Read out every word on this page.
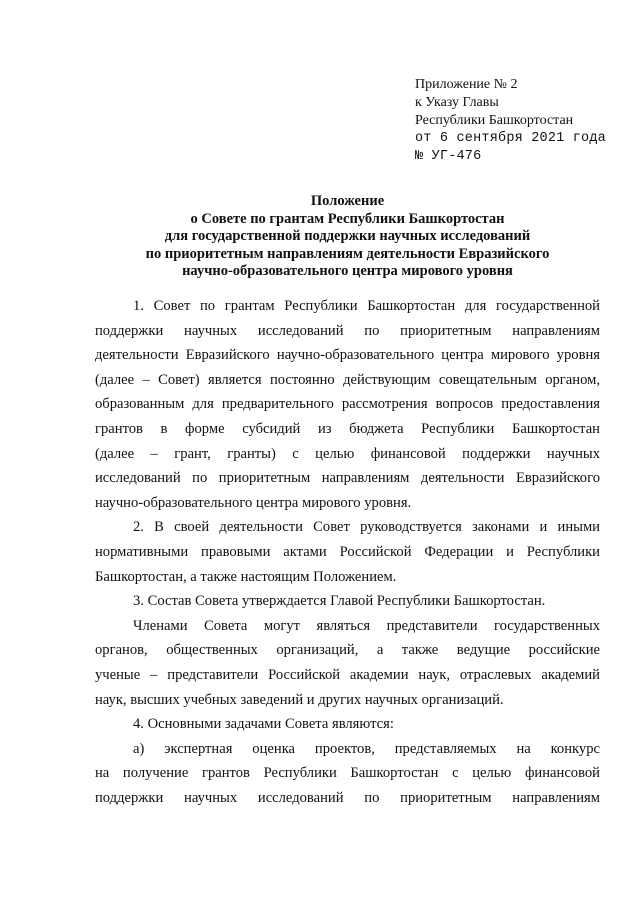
Приложение № 2
к Указу Главы
Республики Башкортостан
от 6 сентября 2021 года
№ УГ-476
Положение
о Совете по грантам Республики Башкортостан
для государственной поддержки научных исследований
по приоритетным направлениям деятельности Евразийского
научно-образовательного центра мирового уровня
1. Совет по грантам Республики Башкортостан для государственной
поддержки научных исследований по приоритетным направлениям
деятельности Евразийского научно-образовательного центра мирового уровня
(далее – Совет) является постоянно действующим совещательным органом,
образованным для предварительного рассмотрения вопросов предоставления
грантов в форме субсидий из бюджета Республики Башкортостан
(далее – грант, гранты) с целью финансовой поддержки научных
исследований по приоритетным направлениям деятельности Евразийского
научно-образовательного центра мирового уровня.
2. В своей деятельности Совет руководствуется законами и иными
нормативными правовыми актами Российской Федерации и Республики
Башкортостан, а также настоящим Положением.
3. Состав Совета утверждается Главой Республики Башкортостан.
Членами Совета могут являться представители государственных
органов, общественных организаций, а также ведущие российские
ученые – представители Российской академии наук, отраслевых академий
наук, высших учебных заведений и других научных организаций.
4. Основными задачами Совета являются:
а) экспертная оценка проектов, представляемых на конкурс
на получение грантов Республики Башкортостан с целью финансовой
поддержки научных исследований по приоритетным направлениям
